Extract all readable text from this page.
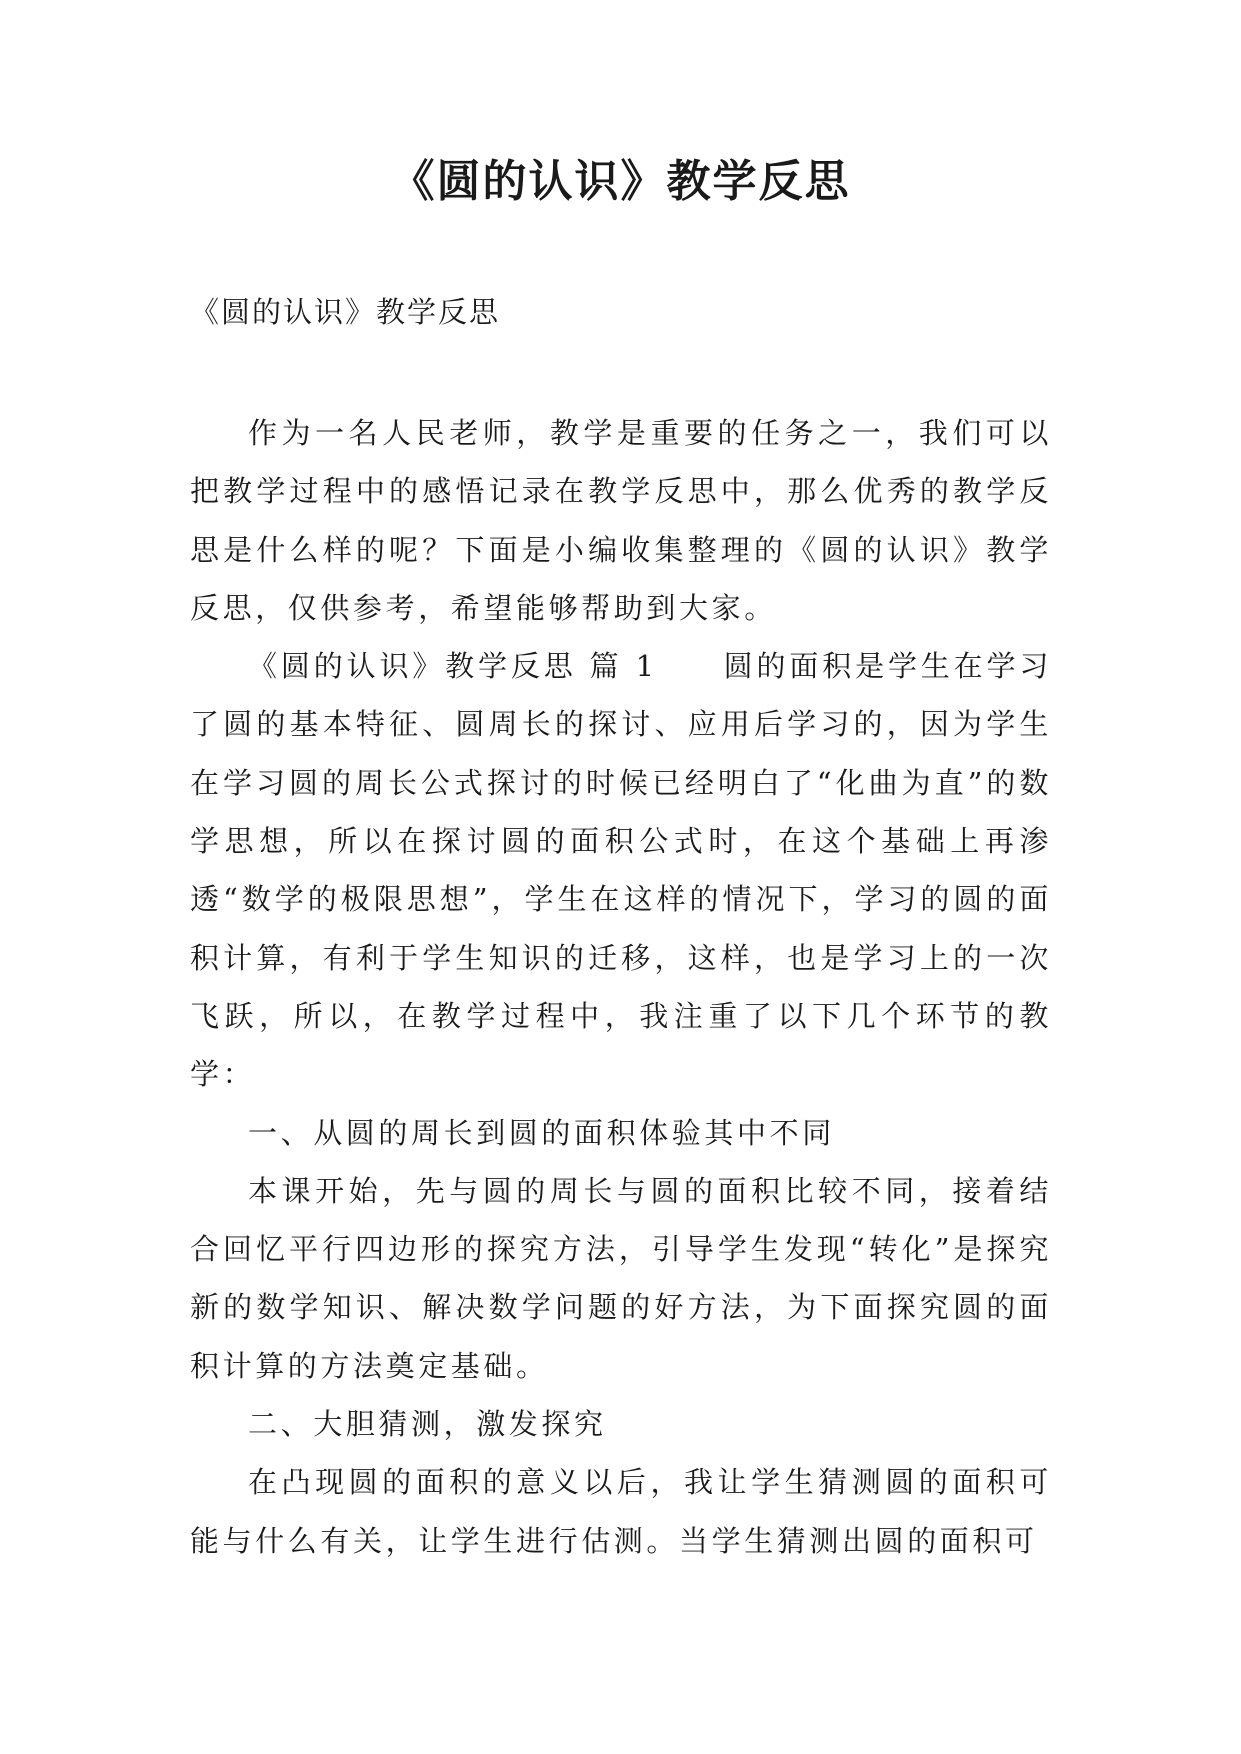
《圆的认识》教学反思
《圆的认识》教学反思

作为一名人民老师，教学是重要的任务之一，我们可以把教学过程中的感悟记录在教学反思中，那么优秀的教学反思是什么样的呢？下面是小编收集整理的《圆的认识》教学反思，仅供参考，希望能够帮助到大家。

《圆的认识》教学反思 篇 1　　圆的面积是学生在学习了圆的基本特征、圆周长的探讨、应用后学习的，因为学生在学习圆的周长公式探讨的时候已经明白了“化曲为直”的数学思想，所以在探讨圆的面积公式时，在这个基础上再渗透“数学的极限思想”，学生在这样的情况下，学习的圆的面积计算，有利于学生知识的迁移，这样，也是学习上的一次飞跃，所以，在教学过程中，我注重了以下几个环节的教学：

一、从圆的周长到圆的面积体验其中不同

本课开始，先与圆的周长与圆的面积比较不同，接着结合回忆平行四边形的探究方法，引导学生发现“转化”是探究新的数学知识、解决数学问题的好方法，为下面探究圆的面积计算的方法奠定基础。

二、大胆猜测，激发探究

在凸现圆的面积的意义以后，我让学生猜测圆的面积可能与什么有关，让学生进行估测。当学生猜测出圆的面积可
